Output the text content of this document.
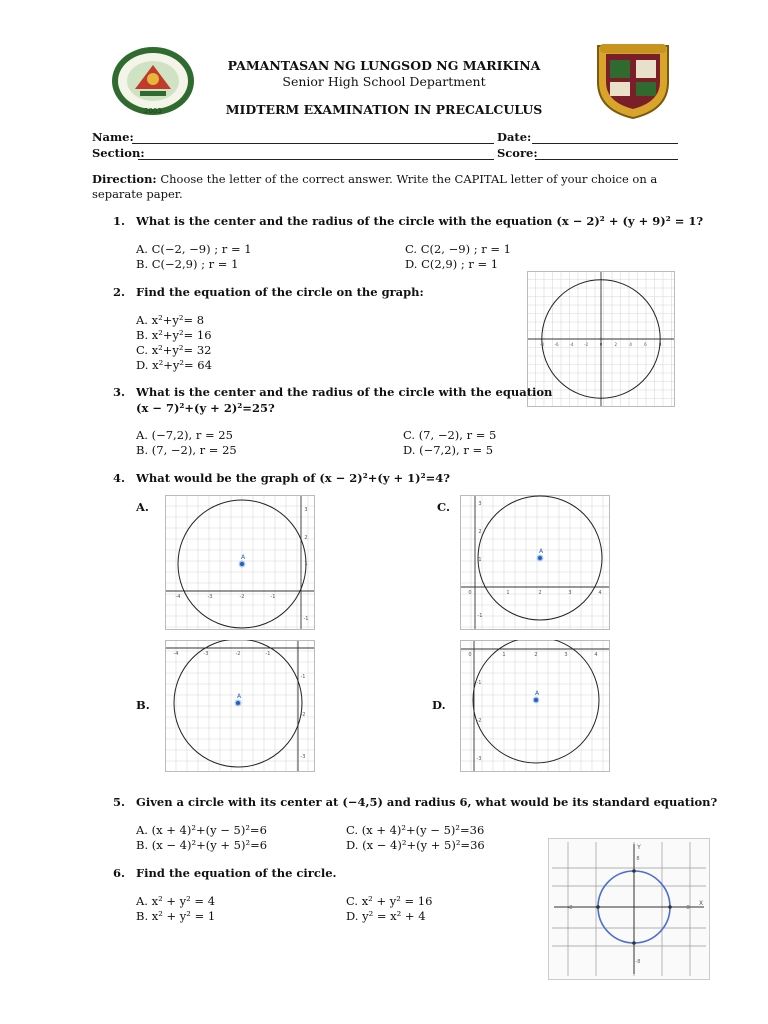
2003
PAMANTASAN NG LUNGSOD NG MARIKINA
Senior High School Department
MIDTERM EXAMINATION IN PRECALCULUS
Name:	Date:
Section:	Score:
Direction: Choose the letter of the correct answer. Write the CAPITAL letter of your choice on a
separate paper.
1. What is the center and the radius of the circle with the equation (x − 2)² + (y + 9)² = 1?
A. C(−2, −9) ; r = 1
B. C(−2,9) ; r = 1
C. C(2, −9) ; r = 1
D. C(2,9) ; r = 1
2. Find the equation of the circle on the graph:
A. x²+y²= 8
B. x²+y²= 16
C. x²+y²= 32
D. x²+y²= 64
-8	-6	-4	-2	0	2	4	6	8
3. What is the center and the radius of the circle with the equation
(x − 7)²+(y + 2)²=25?
A. (−7,2), r = 25
B. (7, −2), r = 25
C. (7, −2), r = 5
D. (−7,2), r = 5
4. What would be the graph of (x − 2)²+(y + 1)²=4?
A.
-4	-3	-2	-1
3
2
1
-1
A
C.
0	1	2	3	4
3
2
1
-1
A
B.
-4	-3	-2	-1
-1
-2
-3
A
D.
0	1	2	3	4
-1
-2
-3
A
5. Given a circle with its center at (−4,5) and radius 6, what would be its standard equation?
A. (x + 4)²+(y − 5)²=6
B. (x − 4)²+(y + 5)²=6
C. (x + 4)²+(y − 5)²=36
D. (x − 4)²+(y + 5)²=36
6. Find the equation of the circle.
A. x² + y² = 4
B. x² + y² = 1
C. x² + y² = 16
D. y² = x² + 4
X
Y
-8	8
8
-8
